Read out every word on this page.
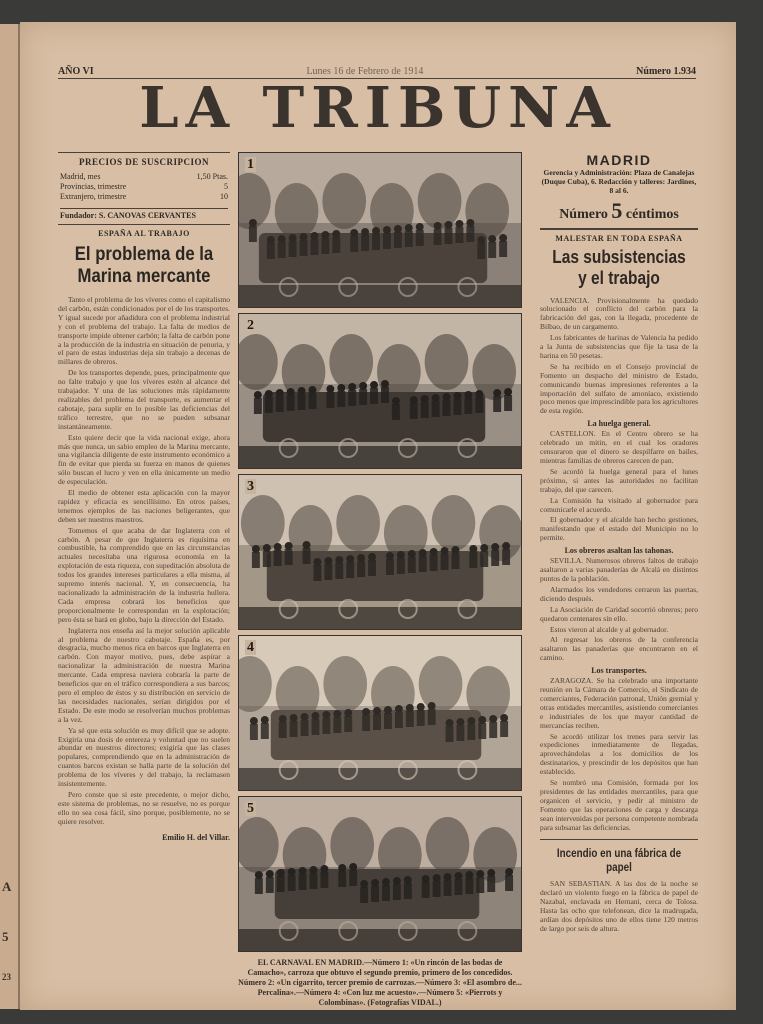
A
5
23
AÑO VI	Lunes 16 de Febrero de 1914	Número 1.934
LA TRIBUNA
PRECIOS DE SUSCRIPCION
Madrid, mes	1,50 Ptas.
Provincias, trimestre	5
Extranjero, trimestre	10
Fundador: S. CANOVAS CERVANTES
ESPAÑA AL TRABAJO
El problema de la Marina mercante

Tanto el problema de los víveres como el capitalismo del carbón, están condicionados por el de los transportes. Y igual sucede por añadidura con el problema industrial y con el problema del trabajo. La falta de medios de transporte impide obtener carbón; la falta de carbón pone a la producción de la industria en situación de penuria, y el paro de estas industrias deja sin trabajo a decenas de millares de obreros.

De los transportes depende, pues, principalmente que no falte trabajo y que los víveres estén al alcance del trabajador. Y una de las soluciones más rápidamente realizables del problema del transporte, es aumentar el cabotaje, para suplir en lo posible las deficiencias del tráfico terrestre, que no se pueden subsanar instantáneamente.

Esto quiere decir que la vida nacional exige, ahora más que nunca, un sabio empleo de la Marina mercante, una vigilancia diligente de este instrumento económico a fin de evitar que pierda su fuerza en manos de quienes sólo buscan el lucro y ven en ella únicamente un medio de especulación.

El medio de obtener esta aplicación con la mayor rapidez y eficacia es sencillísimo. En otros países, tenemos ejemplos de las naciones beligerantes, que deben ser nuestros maestros.

Tomemos el que acaba de dar Inglaterra con el carbón. A pesar de que Inglaterra es riquísima en combustible, ha comprendido que en las circunstancias actuales necesitaba una rigurosa economía en la explotación de esta riqueza, con supeditación absoluta de todos los grandes intereses particulares a ella misma, al supremo interés nacional. Y, en consecuencia, ha nacionalizado la administración de la industria hullera. Cada empresa cobrará los beneficios que proporcionalmente le correspondan en la explotación; pero ésta se hará en globo, bajo la dirección del Estado.

Inglaterra nos enseña así la mejor solución aplicable al problema de nuestro cabotaje. España es, por desgracia, mucho menos rica en barcos que Inglaterra en carbón. Con mayor motivo, pues, debe aspirar a nacionalizar la administración de nuestra Marina mercante. Cada empresa naviera cobraría la parte de beneficios que en el tráfico correspondiera a sus barcos; pero el empleo de éstos y su distribución en servicio de las necesidades nacionales, serían dirigidos por el Estado. De este modo se resolverían muchos problemas a la vez.

Ya sé que esta solución es muy difícil que se adopte. Exigiría una dosis de entereza y voluntad que no suelen abundar en nuestros directores; exigiría que las clases populares, comprendiendo que en la administración de cuantos barcos existan se halla parte de la solución del problema de los víveres y del trabajo, la reclamasen insistentemente.

Pero conste que si este precedente, o mejor dicho, este sistema de problemas, no se resuelve, no es porque ello no sea cosa fácil, sino porque, posiblemente, no se quiere resolver.

Emilio H. del Villar.
1
2
3
4
5
EL CARNAVAL EN MADRID.—Número 1: «Un rincón de las bodas de Camacho», carroza que obtuvo el segundo premio, primero de los concedidos. Número 2: «Un cigarrito, tercer premio de carrozas.—Número 3: «El asombro de... Percalina».—Número 4: «Con luz me acuesto».—Número 5: «Pierrots y Colombinas». (Fotografías VIDAL.)
MADRID
Gerencia y Administración: Plaza de Canalejas (Duque Cuba), 6. Redacción y talleres: Jardines, 8 al 6.
Número 5 céntimos
MALESTAR EN TODA ESPAÑA
Las subsistencias y el trabajo

VALENCIA. Provisionalmente ha quedado solucionado el conflicto del carbón para la fabricación del gas, con la llegada, procedente de Bilbao, de un cargamento.

Los fabricantes de harinas de Valencia ha pedido a la Junta de subsistencias que fije la tasa de la harina en 50 pesetas.

Se ha recibido en el Consejo provincial de Fomento un despacho del ministro de Estado, comunicando buenas impresiones referentes a la importación del sulfato de amoníaco, existiendo poco menos que imprescindible para los agricultores de esta región.

La huelga general.

CASTELLON. En el Centro obrero se ha celebrado un mitin, en el cual los oradores censuraron que el dinero se despilfarre en bailes, mientras familias de obreros carecen de pan.

Se acordó la huelga general para el lunes próximo, si antes las autoridades no facilitan trabajo, del que carecen.

La Comisión ha visitado al gobernador para comunicarle el acuerdo.

El gobernador y el alcalde han hecho gestiones, manifestando que el estado del Municipio no lo permite.

Los obreros asaltan las tahonas.

SEVILLA. Numerosos obreros faltos de trabajo asaltaron a varias panaderías de Alcalá en distintos puntos de la población.

Alarmados los vendedores cerraron las puertas, diciendo después.

La Asociación de Caridad socorrió obreros; pero quedaron centenares sin ello.

Estos vieron al alcalde y al gobernador.

Al regresar los obreros de la conferencia asaltaron las panaderías que encontraron en el camino.

Los transportes.

ZARAGOZA. Se ha celebrado una importante reunión en la Cámara de Comercio, el Sindicato de comerciantes, Federación patronal, Unión gremial y otras entidades mercantiles, asistiendo comerciantes e industriales de los que mayor cantidad de mercancías reciben.

Se acordó utilizar los trenes para servir las expediciones inmediatamente de llegadas, aprovechándolas a los domicilios de los destinatarios, y prescindir de los depósitos que han establecido.

Se nombró una Comisión, formada por los presidentes de las entidades mercantiles, para que organicen el servicio, y pedir al ministro de Fomento que las operaciones de carga y descarga sean intervenidas por persona competente nombrada para subsanar las deficiencias.

Incendio en una fábrica de papel

SAN SEBASTIAN. A las dos de la noche se declaró un violento fuego en la fábrica de papel de Nazabal, enclavada en Hernani, cerca de Tolosa. Hasta las ocho que telefonean, dice la madrugada, ardían dos depósitos uno de ellos tiene 120 metros de largo por seis de altura.
